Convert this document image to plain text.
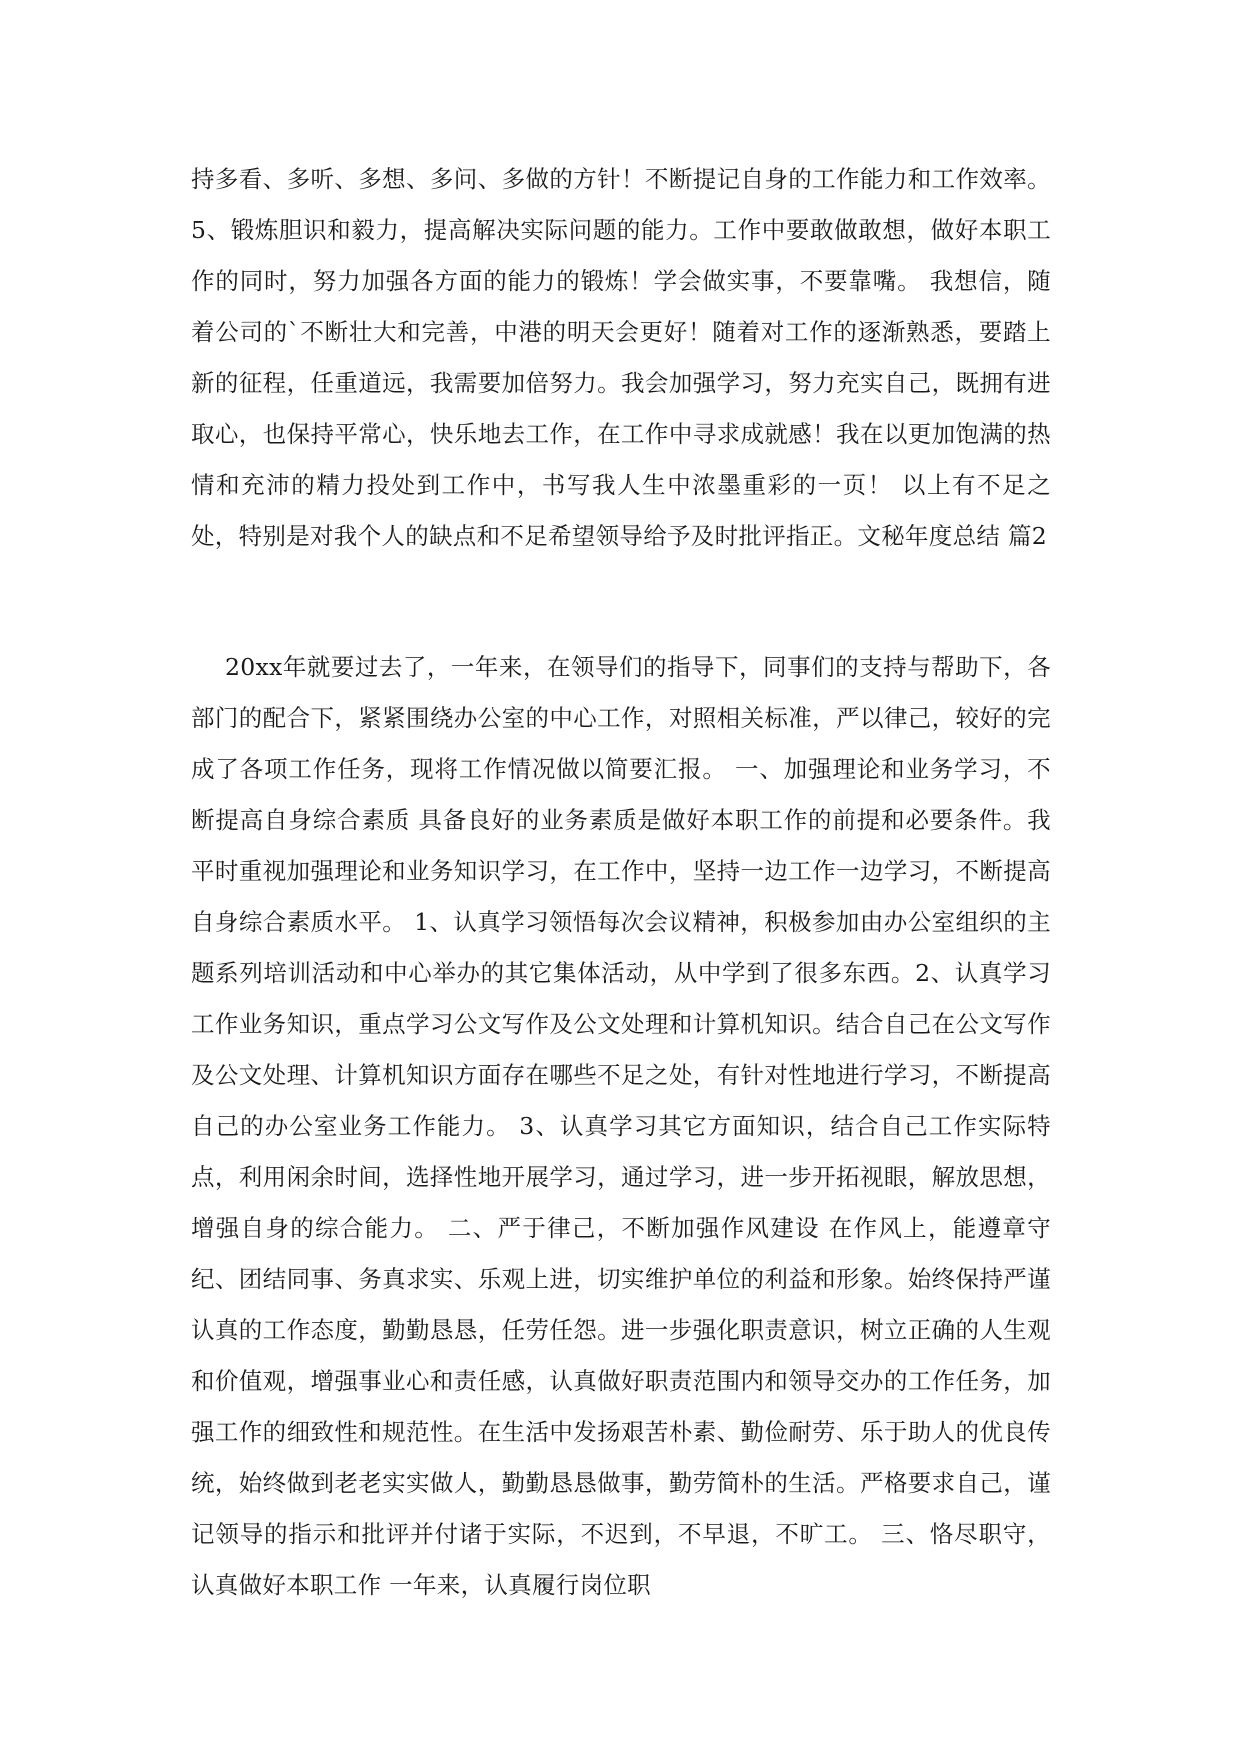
持多看、多听、多想、多问、多做的方针！不断提记自身的工作能力和工作效率。5、锻炼胆识和毅力，提高解决实际问题的能力。工作中要敢做敢想，做好本职工作的同时，努力加强各方面的能力的锻炼！学会做实事，不要靠嘴。 我想信，随着公司的`不断壮大和完善，中港的明天会更好！随着对工作的逐渐熟悉，要踏上新的征程，任重道远，我需要加倍努力。我会加强学习，努力充实自己，既拥有进取心，也保持平常心，快乐地去工作，在工作中寻求成就感！我在以更加饱满的热情和充沛的精力投处到工作中，书写我人生中浓墨重彩的一页！ 以上有不足之处，特别是对我个人的缺点和不足希望领导给予及时批评指正。文秘年度总结 篇2

20xx年就要过去了，一年来，在领导们的指导下，同事们的支持与帮助下，各部门的配合下，紧紧围绕办公室的中心工作，对照相关标准，严以律己，较好的完成了各项工作任务，现将工作情况做以简要汇报。 一、加强理论和业务学习，不断提高自身综合素质 具备良好的业务素质是做好本职工作的前提和必要条件。我平时重视加强理论和业务知识学习，在工作中，坚持一边工作一边学习，不断提高自身综合素质水平。 1、认真学习领悟每次会议精神，积极参加由办公室组织的主题系列培训活动和中心举办的其它集体活动，从中学到了很多东西。2、认真学习工作业务知识，重点学习公文写作及公文处理和计算机知识。结合自己在公文写作及公文处理、计算机知识方面存在哪些不足之处，有针对性地进行学习，不断提高自己的办公室业务工作能力。 3、认真学习其它方面知识，结合自己工作实际特点，利用闲余时间，选择性地开展学习，通过学习，进一步开拓视眼，解放思想，增强自身的综合能力。 二、严于律己，不断加强作风建设 在作风上，能遵章守纪、团结同事、务真求实、乐观上进，切实维护单位的利益和形象。始终保持严谨认真的工作态度，勤勤恳恳，任劳任怨。进一步强化职责意识，树立正确的人生观和价值观，增强事业心和责任感，认真做好职责范围内和领导交办的工作任务，加强工作的细致性和规范性。在生活中发扬艰苦朴素、勤俭耐劳、乐于助人的优良传统，始终做到老老实实做人，勤勤恳恳做事，勤劳简朴的生活。严格要求自己，谨记领导的指示和批评并付诸于实际，不迟到，不早退，不旷工。 三、恪尽职守，认真做好本职工作 一年来，认真履行岗位职
